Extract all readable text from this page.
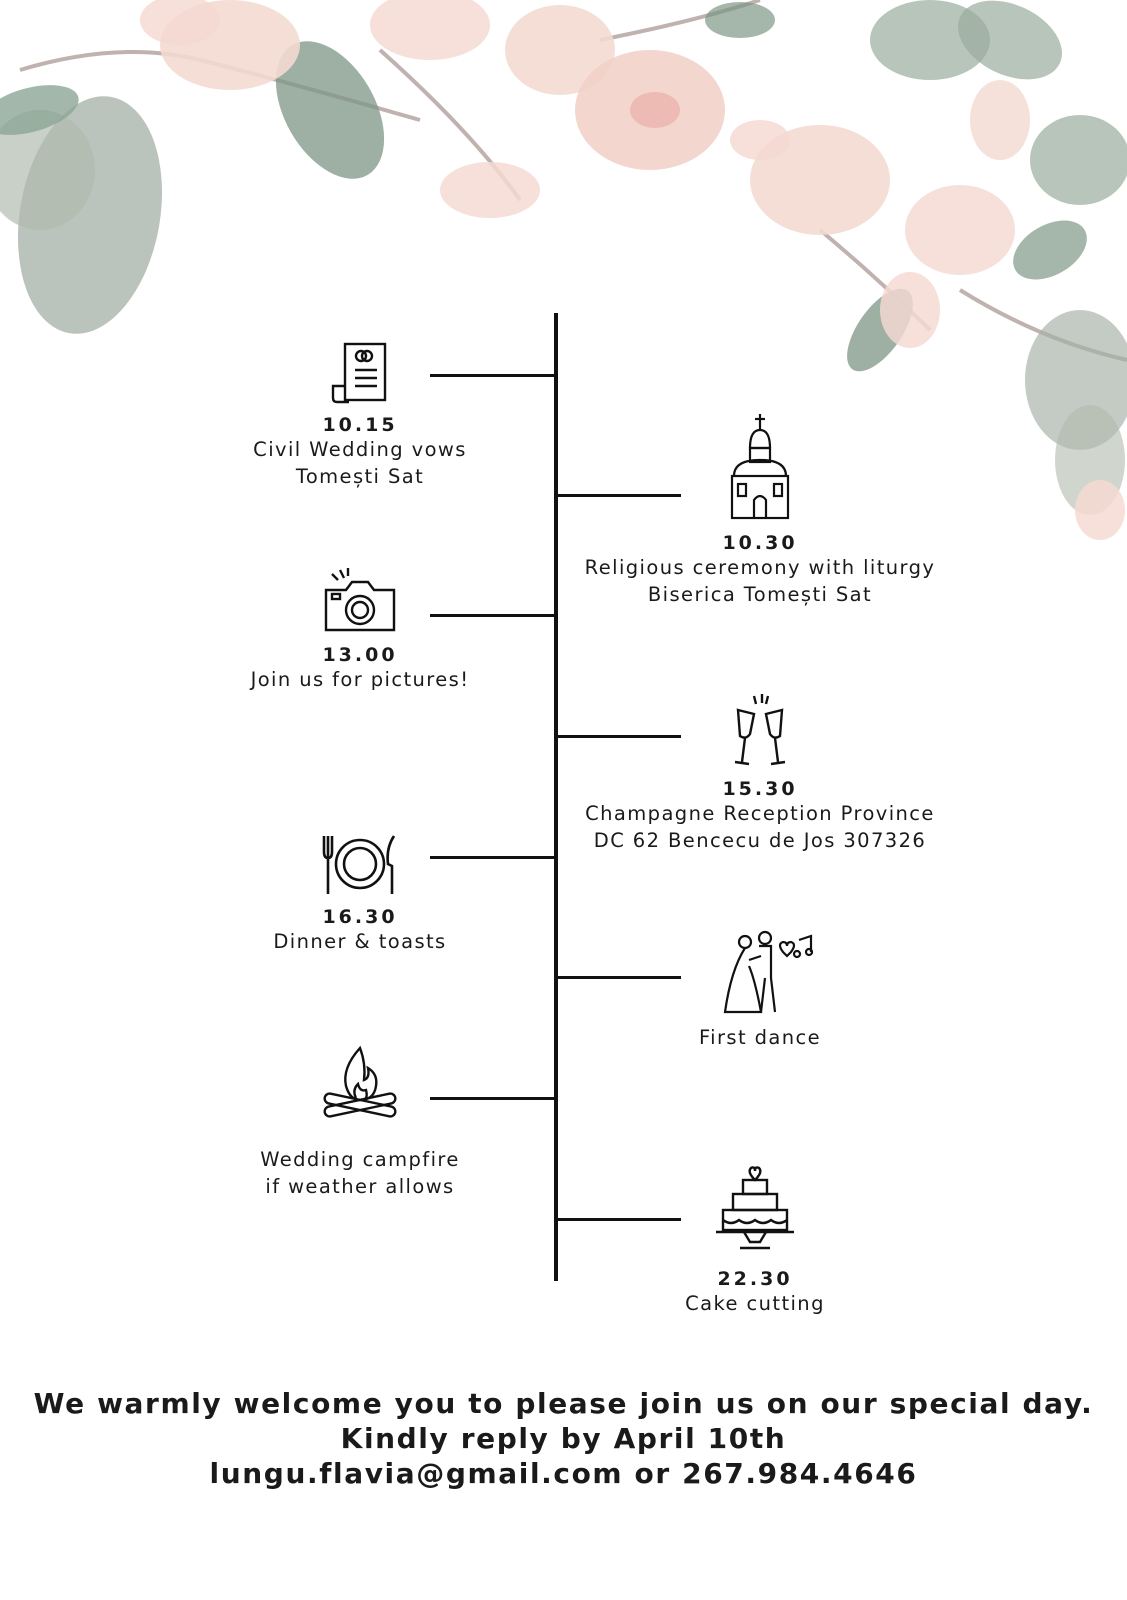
10.15
Civil Wedding vows
Tomești Sat
10.30
Religious ceremony with liturgy
Biserica Tomești Sat
13.00
Join us for pictures!
15.30
Champagne Reception Province
DC 62 Bencecu de Jos 307326
16.30
Dinner & toasts
First dance
Wedding campfire
if weather allows
22.30
Cake cutting
We warmly welcome you to please join us on our special day.
Kindly reply by April 10th
lungu.flavia@gmail.com or 267.984.4646
